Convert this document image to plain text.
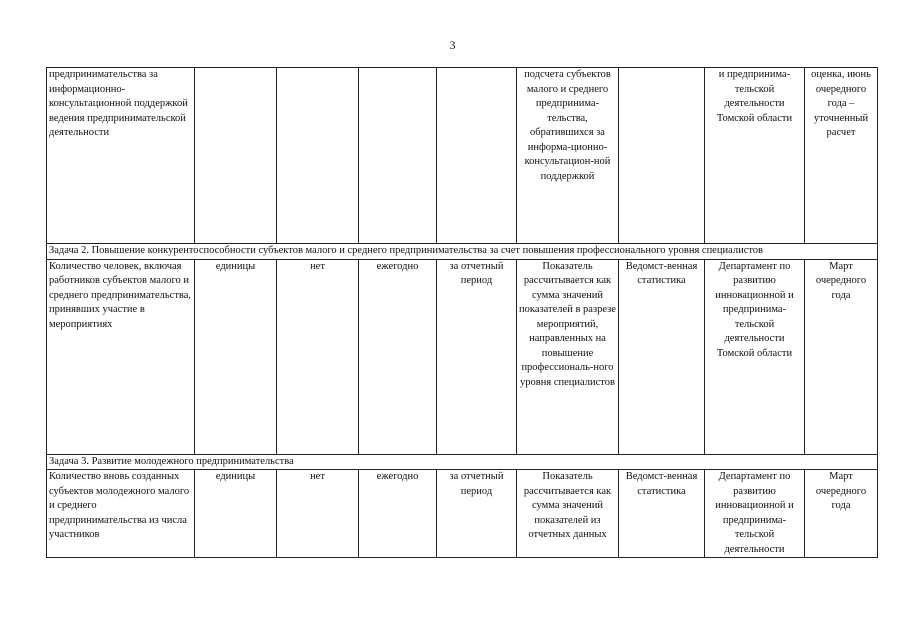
3
предпринимательства за информационно-консультационной поддержкой ведения предпринимательской деятельности					подсчета субъектов малого и среднего предпринима-тельства, обратившихся за информа-ционно-консультацион-ной поддержкой		и предпринима-тельской деятельности Томской области	оценка, июнь очередного года – уточненный расчет
Задача 2. Повышение конкурентоспособности субъектов малого и среднего предпринимательства за счет повышения профессионального уровня специалистов								
Количество человек, включая работников субъектов малого и среднего предпринимательства, принявших участие в мероприятиях	единицы	нет	ежегодно	за отчетный период	Показатель рассчитывается как сумма значений показателей в разрезе мероприятий, направленных на повышение профессиональ-ного уровня специалистов	Ведомст-венная статистика	Департамент по развитию инновационной и предпринима-тельской деятельности Томской области	Март очередного года
Задача 3. Развитие молодежного предпринимательства								
Количество вновь созданных субъектов молодежного малого и среднего предпринимательства из числа участников	единицы	нет	ежегодно	за отчетный период	Показатель рассчитывается как сумма значений показателей из отчетных данных	Ведомст-венная статистика	Департамент по развитию инновационной и предпринима-тельской деятельности	Март очередного года
